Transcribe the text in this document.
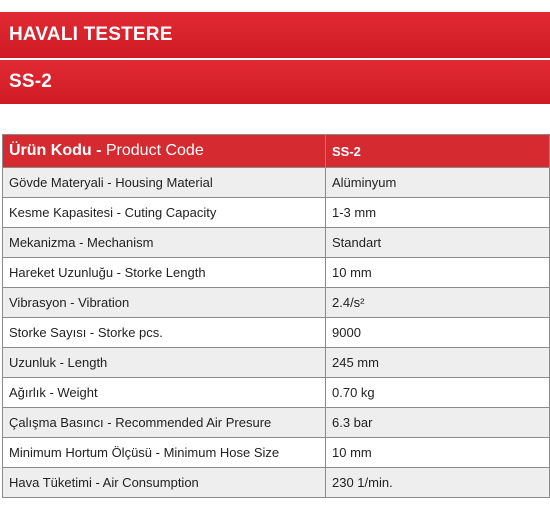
HAVALI TESTERE
SS-2
Ürün Kodu - Product Code	SS-2
Gövde Materyali - Housing Material	Alüminyum
Kesme Kapasitesi - Cuting Capacity	1-3 mm
Mekanizma - Mechanism	Standart
Hareket Uzunluğu - Storke Length	10 mm
Vibrasyon - Vibration	2.4/s²
Storke Sayısı - Storke pcs.	9000
Uzunluk - Length	245 mm
Ağırlık - Weight	0.70 kg
Çalışma Basıncı - Recommended Air Presure	6.3 bar
Minimum Hortum Ölçüsü - Minimum Hose Size	10 mm
Hava Tüketimi - Air Consumption	230 1/min.
